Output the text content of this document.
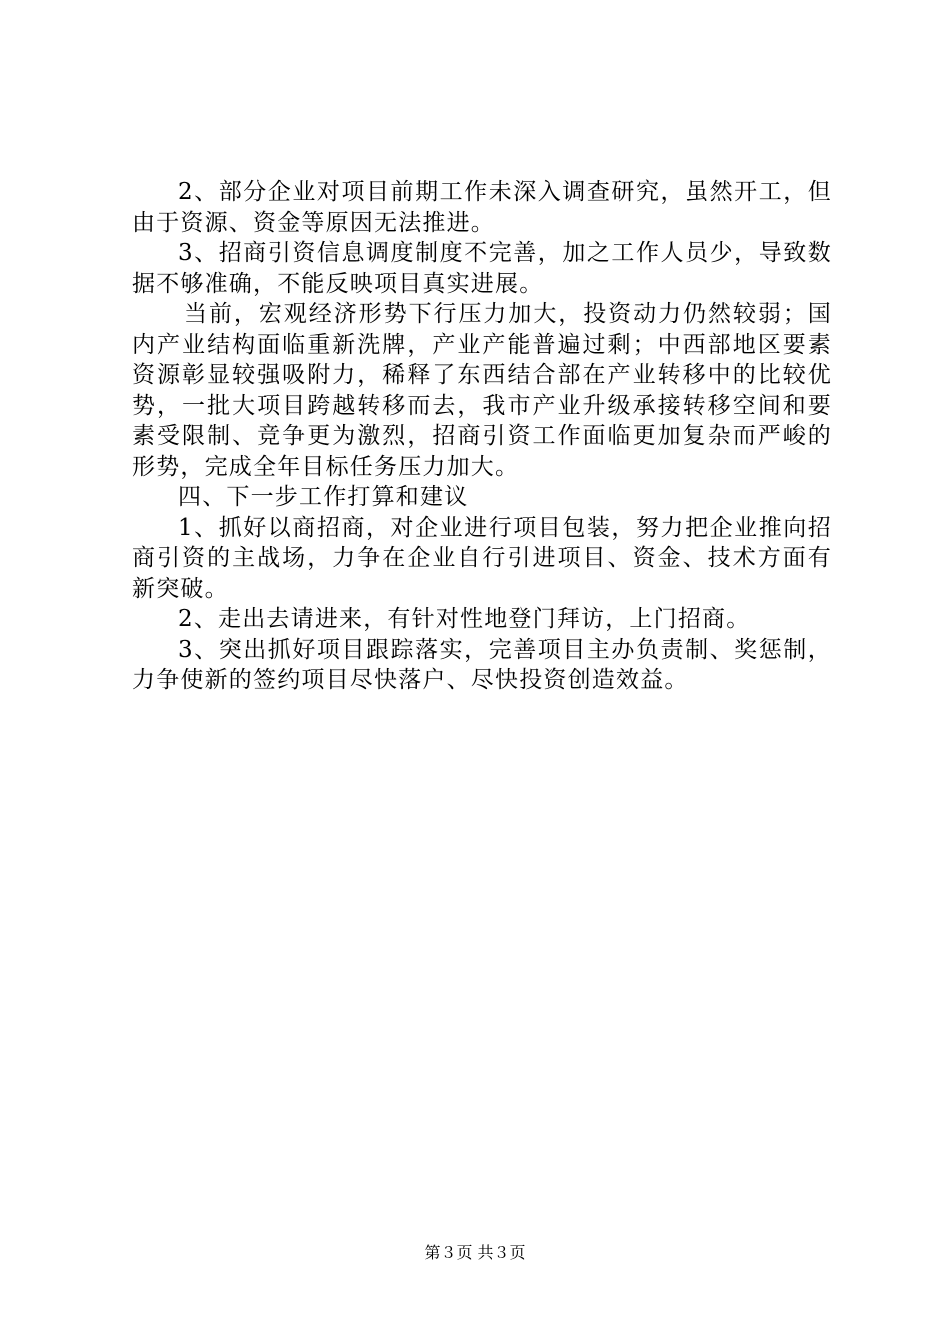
2、部分企业对项目前期工作未深入调查研究，虽然开工，但由于资源、资金等原因无法推进。

3、招商引资信息调度制度不完善，加之工作人员少，导致数据不够准确，不能反映项目真实进展。

当前，宏观经济形势下行压力加大，投资动力仍然较弱；国内产业结构面临重新洗牌，产业产能普遍过剩；中西部地区要素资源彰显较强吸附力，稀释了东西结合部在产业转移中的比较优势，一批大项目跨越转移而去，我市产业升级承接转移空间和要素受限制、竞争更为激烈，招商引资工作面临更加复杂而严峻的形势，完成全年目标任务压力加大。

四、下一步工作打算和建议

1、抓好以商招商，对企业进行项目包装，努力把企业推向招商引资的主战场，力争在企业自行引进项目、资金、技术方面有新突破。

2、走出去请进来，有针对性地登门拜访，上门招商。

3、突出抓好项目跟踪落实，完善项目主办负责制、奖惩制，力争使新的签约项目尽快落户、尽快投资创造效益。

第３页 共３页
